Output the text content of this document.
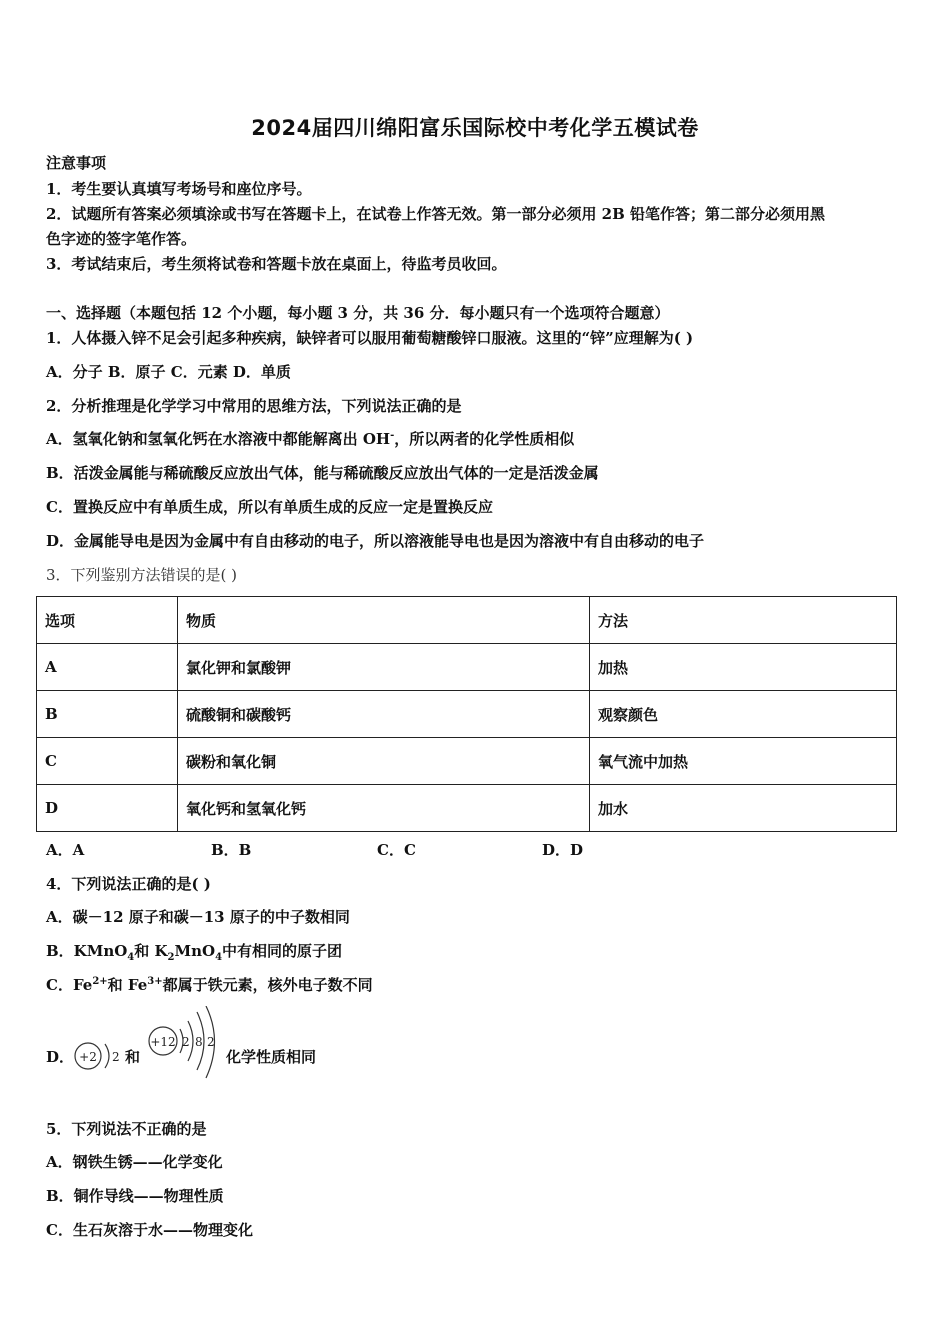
2024届四川绵阳富乐国际校中考化学五模试卷
注意事项
1．考生要认真填写考场号和座位序号。
2．试题所有答案必须填涂或书写在答题卡上，在试卷上作答无效。第一部分必须用 2B 铅笔作答；第二部分必须用黑
色字迹的签字笔作答。
3．考试结束后，考生须将试卷和答题卡放在桌面上，待监考员收回。
一、选择题（本题包括 12 个小题，每小题 3 分，共 36 分．每小题只有一个选项符合题意）
1．人体摄入锌不足会引起多种疾病，缺锌者可以服用葡萄糖酸锌口服液。这里的“锌”应理解为( )
A．分子 B．原子 C．元素 D．单质
2．分析推理是化学学习中常用的思维方法，下列说法正确的是
A．氢氧化钠和氢氧化钙在水溶液中都能解离出 OH-，所以两者的化学性质相似
B．活泼金属能与稀硫酸反应放出气体，能与稀硫酸反应放出气体的一定是活泼金属
C．置换反应中有单质生成，所以有单质生成的反应一定是置换反应
D．金属能导电是因为金属中有自由移动的电子，所以溶液能导电也是因为溶液中有自由移动的电子
3．下列鉴别方法错误的是( )
选项	物质	方法
A	氯化钾和氯酸钾	加热
B	硫酸铜和碳酸钙	观察颜色
C	碳粉和氧化铜	氧气流中加热
D	氧化钙和氢氧化钙	加水
A．A	B．B	C．C	D．D
4．下列说法正确的是( )
A．碳－12 原子和碳－13 原子的中子数相同
B．KMnO$_4$和 $K_2MnO_4$中有相同的原子团
C．$Fe^{2+}$和 $Fe^{3+}$都属于铁元素，核外电子数不同
D． +2 2 和
+12 2 8 2
化学性质相同
5．下列说法不正确的是
A．钢铁生锈——化学变化
B．铜作导线——物理性质
C．生石灰溶于水——物理变化
